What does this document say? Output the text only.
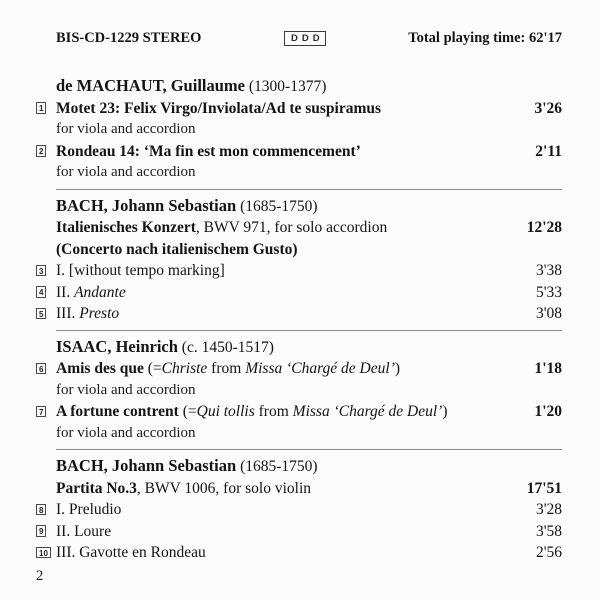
BIS-CD-1229 STEREO	DDD	Total playing time: 62'17
de MACHAUT, Guillaume (1300-1377)
1 Motet 23: Felix Virgo/Inviolata/Ad te suspiramus	3'26
for viola and accordion
2 Rondeau 14: ‘Ma fin est mon commencement’	2'11
for viola and accordion
BACH, Johann Sebastian (1685-1750)
Italienisches Konzert, BWV 971, for solo accordion	12'28
(Concerto nach italienischem Gusto)
3 I. [without tempo marking]	3'38
4 II. Andante	5'33
5 III. Presto	3'08
ISAAC, Heinrich (c. 1450-1517)
6 Amis des que (=Christe from Missa ‘Chargé de Deul’)	1'18
for viola and accordion
7 A fortune contrent (=Qui tollis from Missa ‘Chargé de Deul’)	1'20
for viola and accordion
BACH, Johann Sebastian (1685-1750)
Partita No.3, BWV 1006, for solo violin	17'51
8 I. Preludio	3'28
9 II. Loure	3'58
10 III. Gavotte en Rondeau	2'56
2
